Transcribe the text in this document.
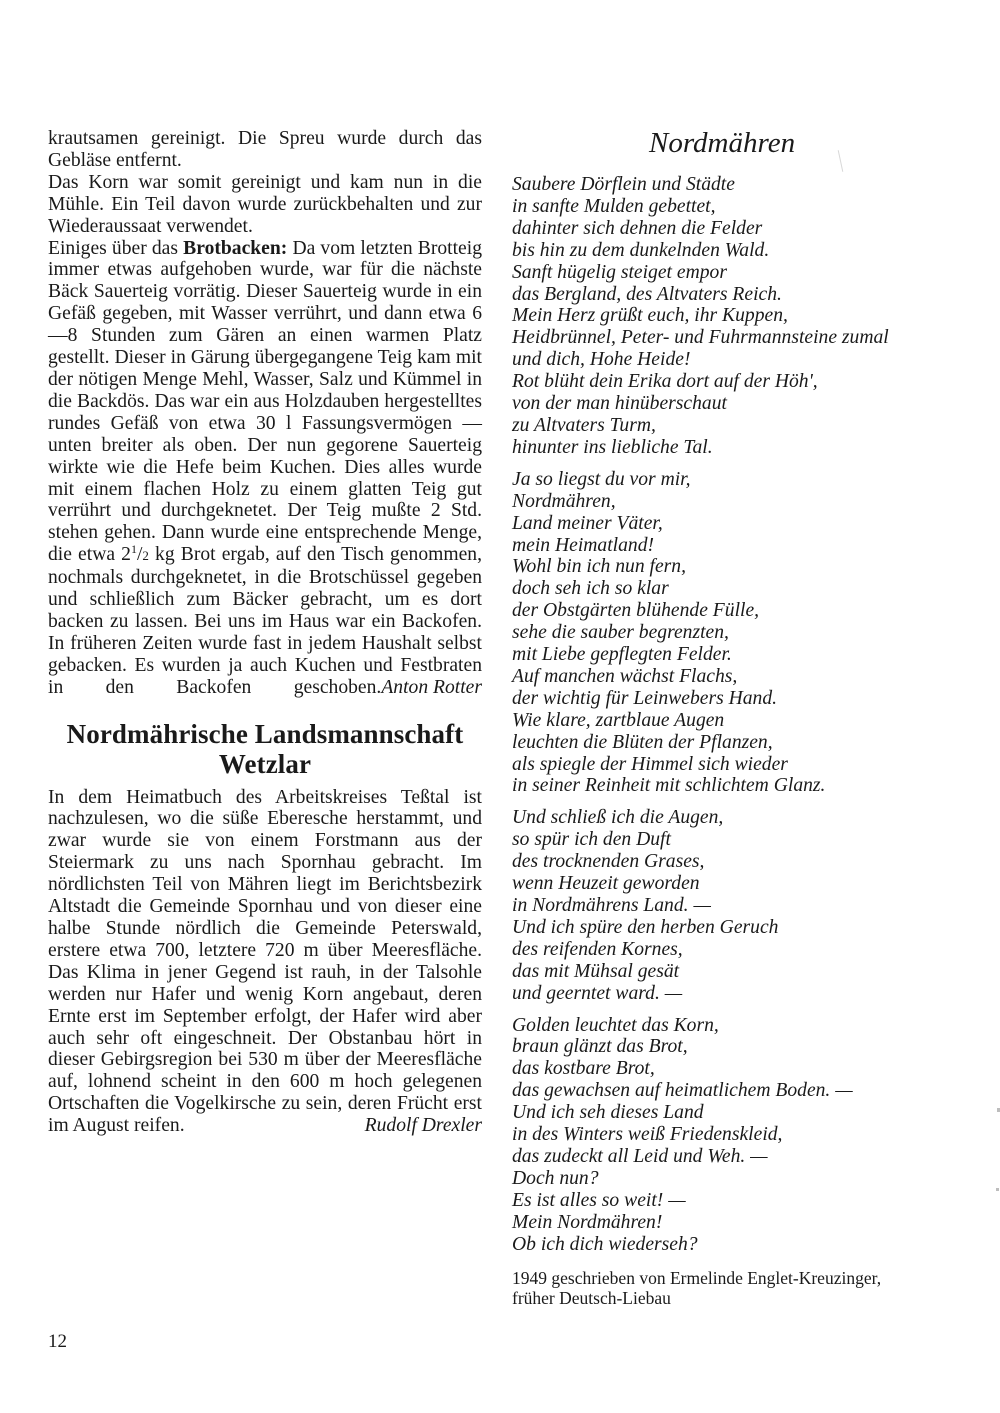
krautsamen gereinigt. Die Spreu wurde durch das Gebläse entfernt.

Das Korn war somit gereinigt und kam nun in die Mühle. Ein Teil davon wurde zurückbehalten und zur Wiederaussaat verwendet.

Einiges über das Brotbacken: Da vom letzten Brotteig immer etwas aufgehoben wurde, war für die nächste Bäck Sauerteig vorrätig. Dieser Sauerteig wurde in ein Gefäß gegeben, mit Wasser verrührt, und dann etwa 6—8 Stunden zum Gären an einen warmen Platz gestellt. Dieser in Gärung übergegangene Teig kam mit der nötigen Menge Mehl, Wasser, Salz und Kümmel in die Backdös. Das war ein aus Holzdauben hergestelltes rundes Gefäß von etwa 30 l Fassungsvermögen — unten breiter als oben. Der nun gegorene Sauerteig wirkte wie die Hefe beim Kuchen. Dies alles wurde mit einem flachen Holz zu einem glatten Teig gut verrührt und durchgeknetet. Der Teig mußte 2 Std. stehen gehen. Dann wurde eine entsprechende Menge, die etwa $2^1/2$ kg Brot ergab, auf den Tisch genommen, nochmals durchgeknetet, in die Brotschüssel gegeben und schließlich zum Bäcker gebracht, um es dort backen zu lassen. Bei uns im Haus war ein Backofen. In früheren Zeiten wurde fast in jedem Haushalt selbst gebacken. Es wurden ja auch Kuchen und Festbraten in den Backofen geschoben. Anton Rotter

Nordmährische Landsmannschaft
Wetzlar

In dem Heimatbuch des Arbeitskreises Teßtal ist nachzulesen, wo die süße Eberesche herstammt, und zwar wurde sie von einem Forstmann aus der Steiermark zu uns nach Spornhau gebracht. Im nördlichsten Teil von Mähren liegt im Berichtsbezirk Altstadt die Gemeinde Spornhau und von dieser eine halbe Stunde nördlich die Gemeinde Peterswald, erstere etwa 700, letztere 720 m über Meeresfläche. Das Klima in jener Gegend ist rauh, in der Talsohle werden nur Hafer und wenig Korn angebaut, deren Ernte erst im September erfolgt, der Hafer wird aber auch sehr oft eingeschneit. Der Obstanbau hört in dieser Gebirgsregion bei 530 m über der Meeresfläche auf, lohnend scheint in den 600 m hoch gelegenen Ortschaften die Vogelkirsche zu sein, deren Frücht erst im August reifen.	Rudolf Drexler

12
Nordmähren
Saubere Dörflein und Städte
in sanfte Mulden gebettet,
dahinter sich dehnen die Felder
bis hin zu dem dunkelnden Wald.
Sanft hügelig steiget empor
das Bergland, des Altvaters Reich.
Mein Herz grüßt euch, ihr Kuppen,
Heidbrünnel, Peter- und Fuhrmannsteine zumal
und dich, Hohe Heide!
Rot blüht dein Erika dort auf der Höh',
von der man hinüberschaut
zu Altvaters Turm,
hinunter ins liebliche Tal.
Ja so liegst du vor mir,
Nordmähren,
Land meiner Väter,
mein Heimatland!
Wohl bin ich nun fern,
doch seh ich so klar
der Obstgärten blühende Fülle,
sehe die sauber begrenzten,
mit Liebe gepflegten Felder.
Auf manchen wächst Flachs,
der wichtig für Leinwebers Hand.
Wie klare, zartblaue Augen
leuchten die Blüten der Pflanzen,
als spiegle der Himmel sich wieder
in seiner Reinheit mit schlichtem Glanz.
Und schließ ich die Augen,
so spür ich den Duft
des trocknenden Grases,
wenn Heuzeit geworden
in Nordmährens Land. —
Und ich spüre den herben Geruch
des reifenden Kornes,
das mit Mühsal gesät
und geerntet ward. —
Golden leuchtet das Korn,
braun glänzt das Brot,
das kostbare Brot,
das gewachsen auf heimatlichem Boden. —
Und ich seh dieses Land
in des Winters weiß Friedenskleid,
das zudeckt all Leid und Weh. —
Doch nun?
Es ist alles so weit! —
Mein Nordmähren!
Ob ich dich wiederseh?
1949 geschrieben von Ermelinde Englet-Kreuzinger,
früher Deutsch-Liebau
